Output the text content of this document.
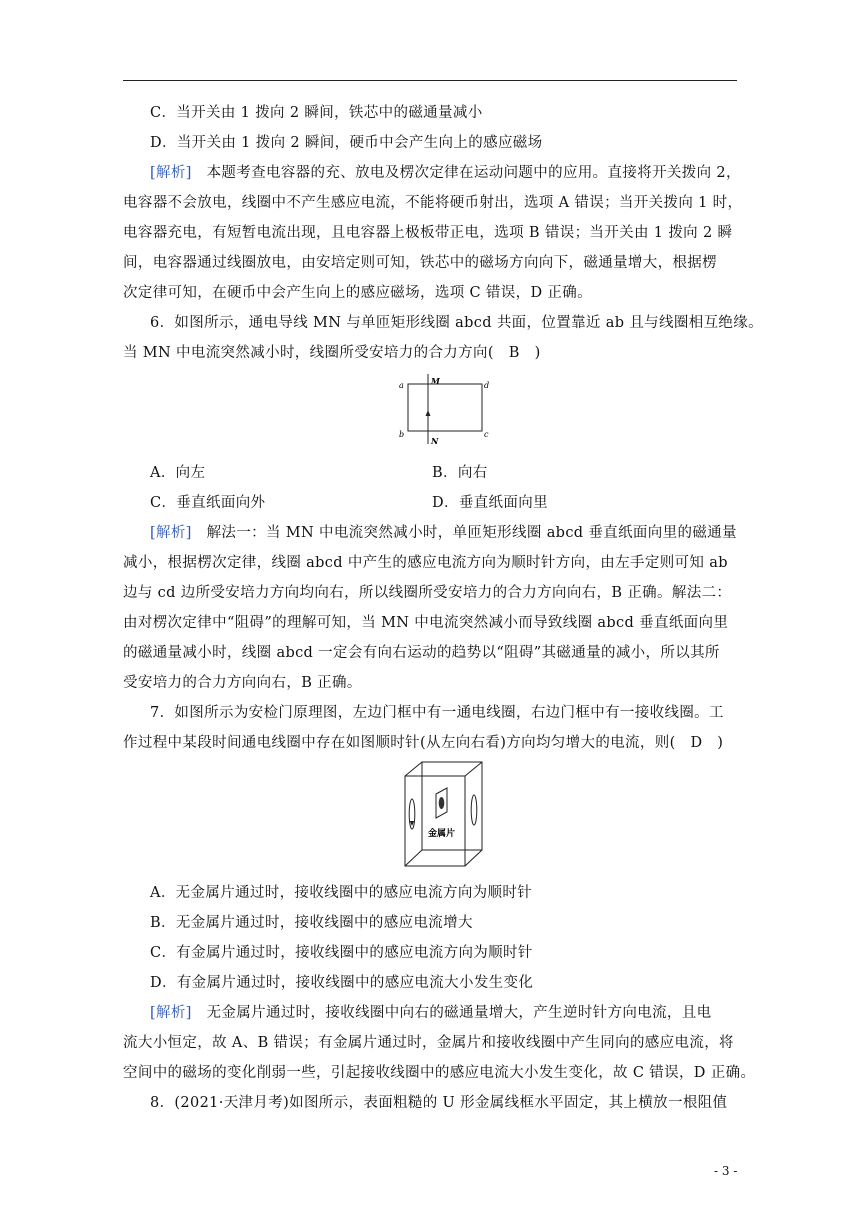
C．当开关由 1 拨向 2 瞬间，铁芯中的磁通量减小
D．当开关由 1 拨向 2 瞬间，硬币中会产生向上的感应磁场
[解析]　 本题考查电容器的充、放电及楞次定律在运动问题中的应用。直接将开关拨向 2，
电容器不会放电，线圈中不产生感应电流，不能将硬币射出，选项 A 错误；当开关拨向 1 时，
电容器充电，有短暂电流出现，且电容器上极板带正电，选项 B 错误；当开关由 1 拨向 2 瞬
间，电容器通过线圈放电，由安培定则可知，铁芯中的磁场方向向下，磁通量增大，根据楞
次定律可知，在硬币中会产生向上的感应磁场，选项 C 错误，D 正确。
6．如图所示，通电导线 MN 与单匝矩形线圈 abcd 共面，位置靠近 ab 且与线圈相互绝缘。
当 MN 中电流突然减小时，线圈所受安培力的合力方向(　B　)
a	M	d
b
N
c
A．向左	B．向右
C．垂直纸面向外	D．垂直纸面向里
[解析]　 解法一：当 MN 中电流突然减小时，单匝矩形线圈 abcd 垂直纸面向里的磁通量
减小，根据楞次定律，线圈 abcd 中产生的感应电流方向为顺时针方向，由左手定则可知 ab
边与 cd 边所受安培力方向均向右，所以线圈所受安培力的合力方向向右，B 正确。解法二：
由对楞次定律中“阻碍”的理解可知，当 MN 中电流突然减小而导致线圈 abcd 垂直纸面向里
的磁通量减小时，线圈 abcd 一定会有向右运动的趋势以“阻碍”其磁通量的减小，所以其所
受安培力的合力方向向右，B 正确。
7．如图所示为安检门原理图，左边门框中有一通电线圈，右边门框中有一接收线圈。工
作过程中某段时间通电线圈中存在如图顺时针(从左向右看)方向均匀增大的电流，则(　D　)
金属片
A．无金属片通过时，接收线圈中的感应电流方向为顺时针
B．无金属片通过时，接收线圈中的感应电流增大
C．有金属片通过时，接收线圈中的感应电流方向为顺时针
D．有金属片通过时，接收线圈中的感应电流大小发生变化
[解析]　 无金属片通过时，接收线圈中向右的磁通量增大，产生逆时针方向电流，且电
流大小恒定，故 A、B 错误；有金属片通过时，金属片和接收线圈中产生同向的感应电流，将
空间中的磁场的变化削弱一些，引起接收线圈中的感应电流大小发生变化，故 C 错误，D 正确。
8．(2021·天津月考)如图所示，表面粗糙的 U 形金属线框水平固定，其上横放一根阻值
- 3 -
